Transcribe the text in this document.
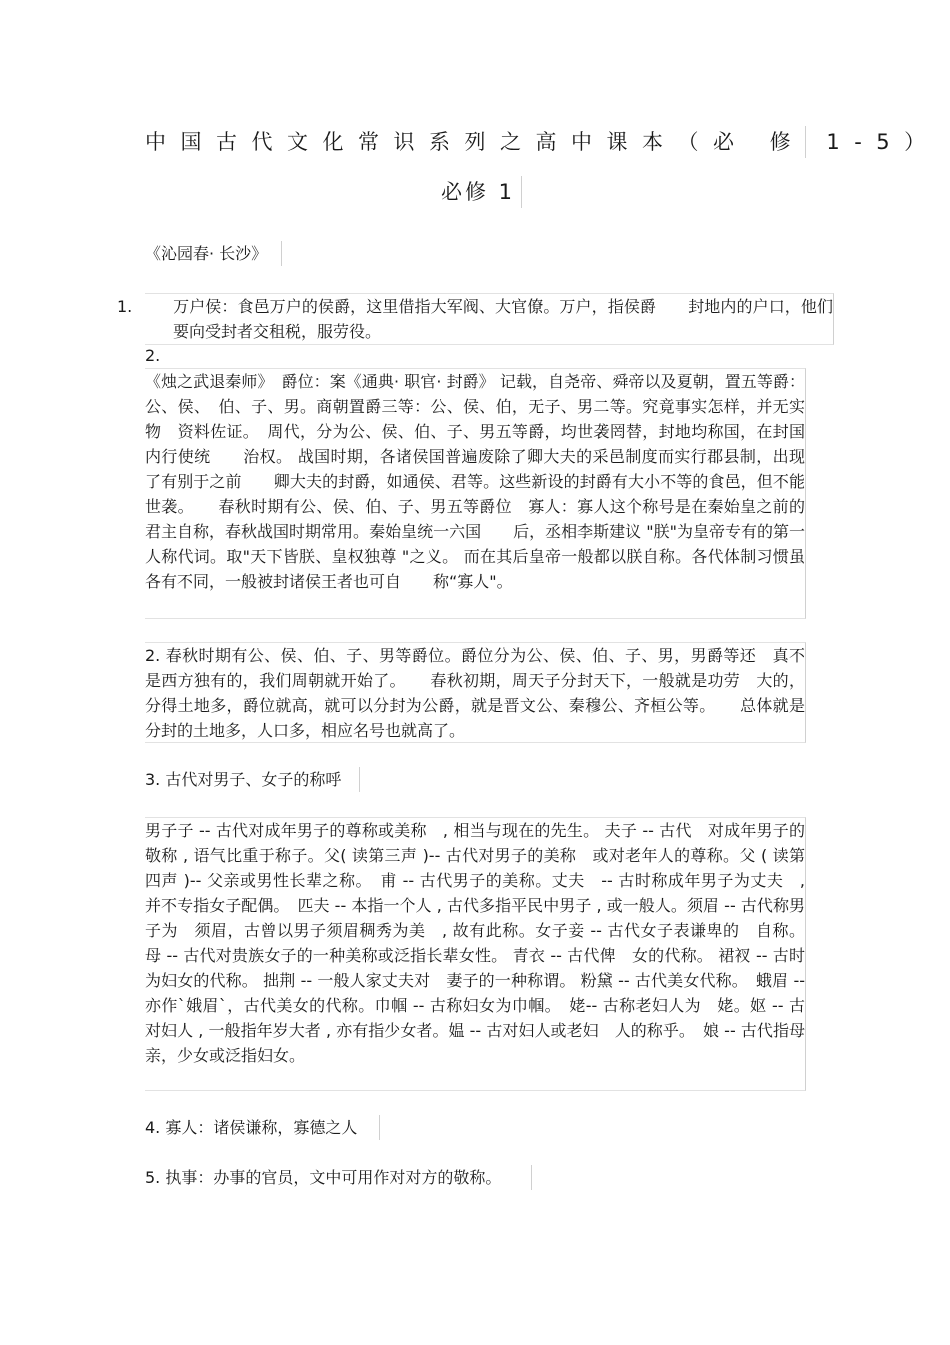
中国古代文化常识系列之高中课本（必 修 1-5）
必修 1
《沁园春· 长沙》
1.	万户侯：食邑万户的侯爵，这里借指大军阀、大官僚。万户，指侯爵　　封地内的户口，他们要向受封者交租税，服劳役。
2.
《烛之武退秦师》　爵位：案《通典· 职官· 封爵》 记载，自尧帝、舜帝以及夏朝，置五等爵：公、侯、　伯、子、男。商朝置爵三等：公、侯、伯，无子、男二等。究竟事实怎样，并无实物　资料佐证。　周代，分为公、侯、伯、子、男五等爵，均世袭罔替，封地均称国，在封国内行使统　　治权。 战国时期，各诸侯国普遍废除了卿大夫的采邑制度而实行郡县制，出现了有别于之前　　卿大夫的封爵，如通侯、君等。这些新设的封爵有大小不等的食邑，但不能世袭。　　春秋时期有公、侯、伯、子、男五等爵位　寡人：寡人这个称号是在秦始皇之前的君主自称，春秋战国时期常用。秦始皇统一六国　　后，丞相李斯建议 "朕"为皇帝专有的第一人称代词。取"天下皆朕、皇权独尊 "之义。 而在其后皇帝一般都以朕自称。各代体制习惯虽各有不同，一般被封诸侯王者也可自　　称“寡人"。
2. 春秋时期有公、侯、伯、子、男等爵位。爵位分为公、侯、伯、子、男，男爵等还　真不是西方独有的，我们周朝就开始了。　　春秋初期，周天子分封天下，一般就是功劳　大的，分得土地多，爵位就高，就可以分封为公爵，就是晋文公、秦穆公、齐桓公等。　　总体就是分封的土地多，人口多，相应名号也就高了。
3. 古代对男子、女子的称呼
男子子 -- 古代对成年男子的尊称或美称　, 相当与现在的先生。 夫子 -- 古代　对成年男子的敬称 , 语气比重于称子。父( 读第三声 )-- 古代对男子的美称　或对老年人的尊称。父 ( 读第四声 )-- 父亲或男性长辈之称。　甫 -- 古代男子的美称。丈夫　-- 古时称成年男子为丈夫　, 并不专指女子配偶。　匹夫 -- 本指一个人 , 古代多指平民中男子 , 或一般人。须眉 -- 古代称男子为　须眉，古曾以男子须眉稠秀为美　, 故有此称。女子妾 -- 古代女子表谦卑的　自称。 母 -- 古代对贵族女子的一种美称或泛指长辈女性。 青衣 -- 古代俾　女的代称。 裙衩 -- 古时为妇女的代称。 拙荆 -- 一般人家丈夫对　妻子的一种称谓。 粉黛 -- 古代美女代称。　蛾眉 -- 亦作`娥眉`，古代美女的代称。巾帼 -- 古称妇女为巾帼。　姥-- 古称老妇人为　姥。妪 -- 古对妇人 , 一般指年岁大者 , 亦有指少女者。媪 -- 古对妇人或老妇　人的称乎。　娘 -- 古代指母亲，少女或泛指妇女。
4. 寡人：诸侯谦称，寡德之人
5. 执事：办事的官员，文中可用作对对方的敬称。
